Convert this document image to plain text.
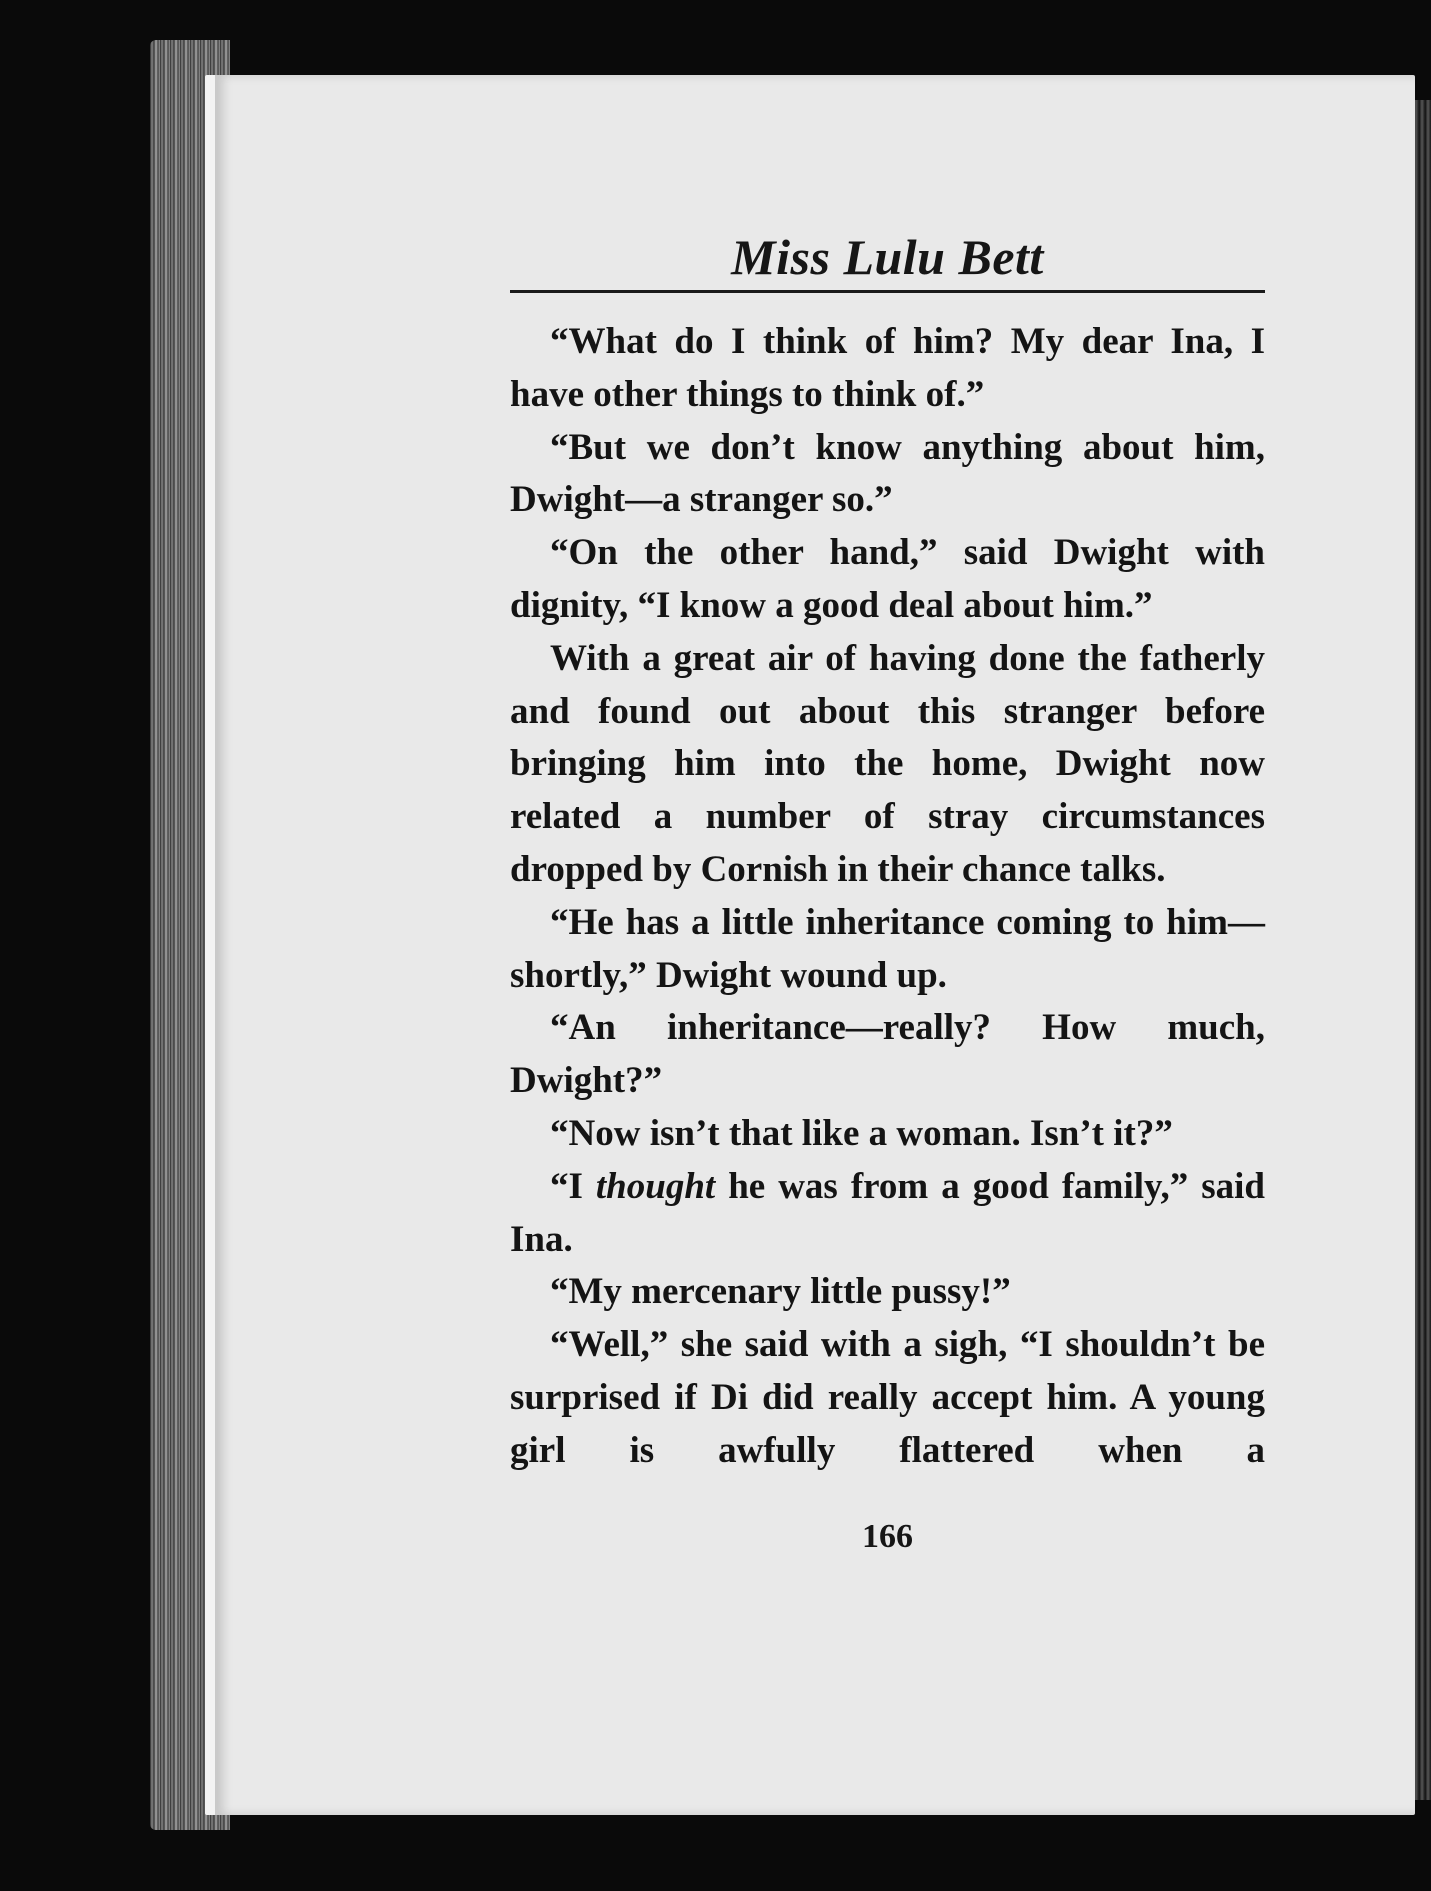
Miss Lulu Bett

“What do I think of him? My dear Ina, I have other things to think of.”

“But we don’t know anything about him, Dwight—a stranger so.”

“On the other hand,” said Dwight with dignity, “I know a good deal about him.”

With a great air of having done the fatherly and found out about this stranger before bringing him into the home, Dwight now related a number of stray circumstances dropped by Cornish in their chance talks.

“He has a little inheritance coming to him—shortly,” Dwight wound up.

“An inheritance—really? How much, Dwight?”

“Now isn’t that like a woman. Isn’t it?”

“I thought he was from a good family,” said Ina.

“My mercenary little pussy!”

“Well,” she said with a sigh, “I shouldn’t be surprised if Di did really accept him. A young girl is awfully flattered when a

166
